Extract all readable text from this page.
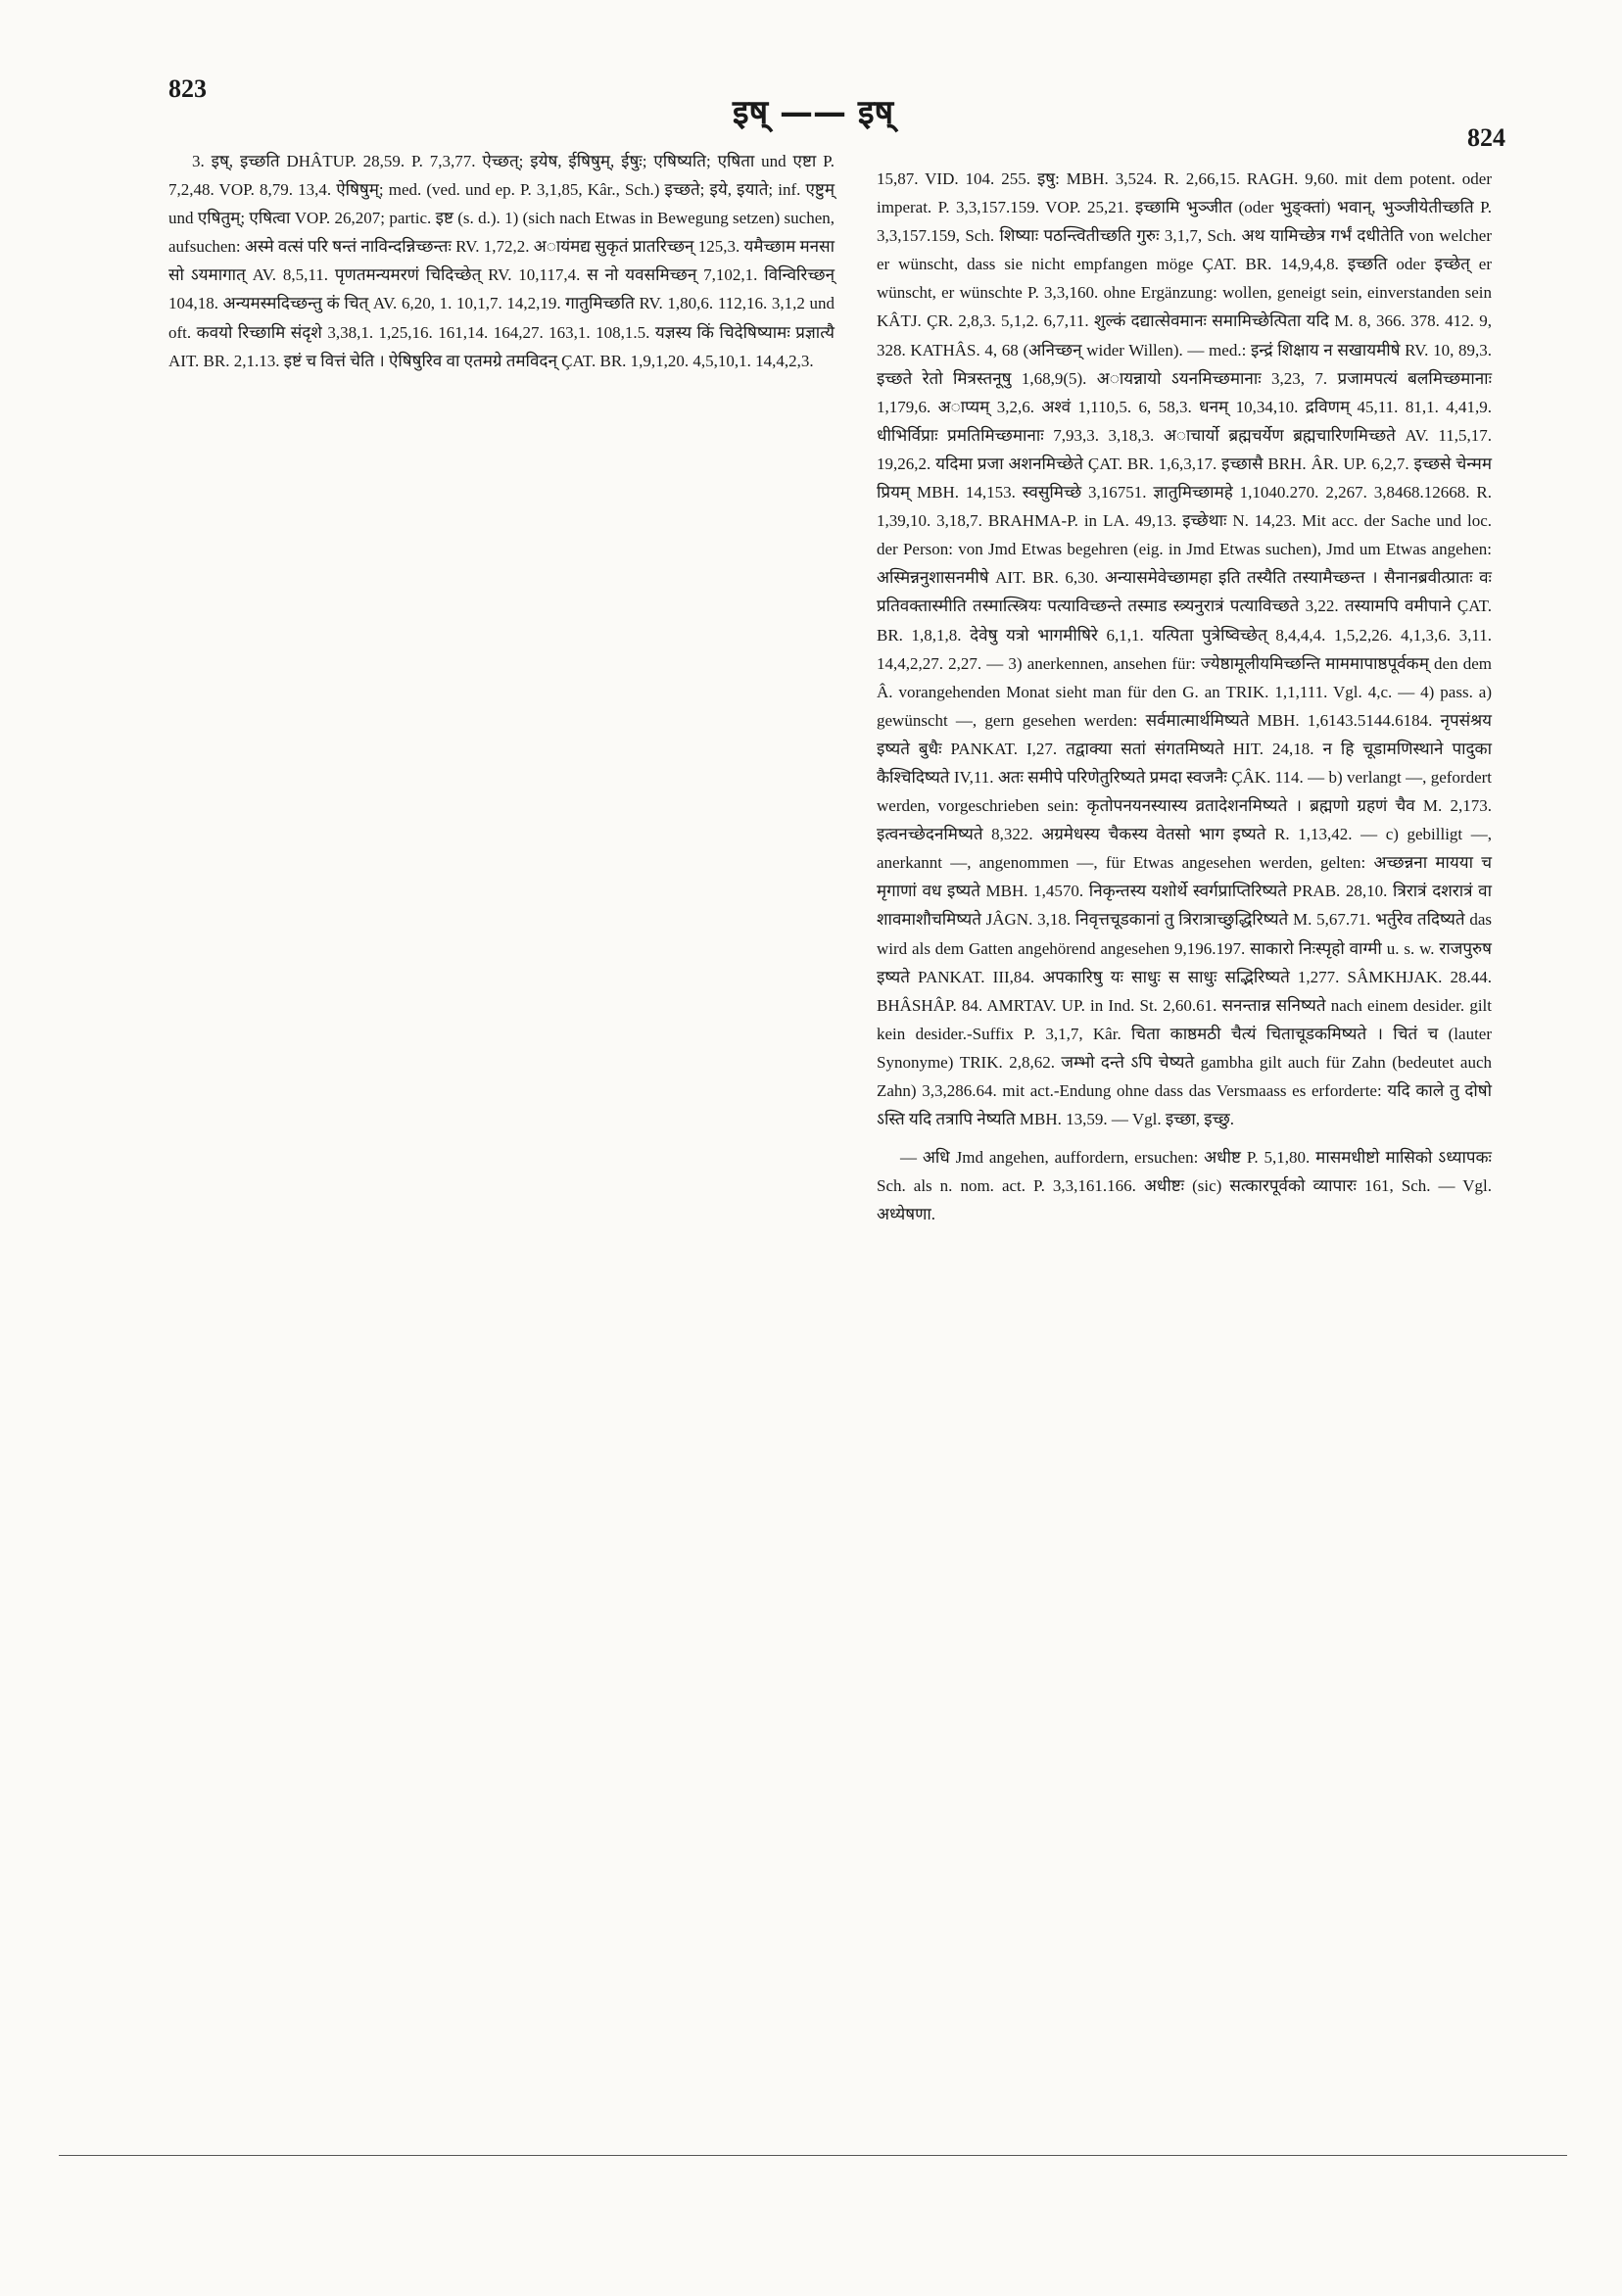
823
इष् —— इष्
824

3. इष्, इच्छति DHÂTUP. 28,59. P. 7,3,77. ऐच्छत्; इयेष, ईषिषुम्, ईषुः; एषिष्यति; एषिता und एष्टा P. 7,2,48. VOP. 8,79. 13,4. ऐषिषुम्; med. (ved. und ep. P. 3,1,85, Kâr., Sch.) इच्छते; इये, इयाते; inf. एष्टुम् und एषितुम्; एषित्वा VOP. 26,207; partic. इष्ट (s. d.). 1) (sich nach Etwas in Bewegung setzen) suchen, aufsuchen: अस्मे वत्सं परि षन्तं नाविन्दन्निच्छन्तः RV. 1,72,2. अायंमद्य सुकृतं प्रातरिच्छन् 125,3. यमैच्छाम मनसा सो ऽयमागात् AV. 8,5,11. पृणतमन्यमरणं चिदिच्छेत् RV. 10,117,4. स नो यवसमिच्छन् 7,102,1. विन्विरिच्छन् 104,18. अन्यमस्मदिच्छन्तु कं चित् AV. 6,20, 1. 10,1,7. 14,2,19. गातुमिच्छति RV. 1,80,6. 112,16. 3,1,2 und oft. कवयो रिच्छामि संदृशे 3,38,1. 1,25,16. 161,14. 164,27. 163,1. 108,1.5. यज्ञस्य किं चिदेषिष्यामः प्रज्ञात्यै AIT. BR. 2,1.13. इष्टं च वित्तं चेति । ऐषिषुरिव वा एतमग्रे तमविदन् ÇAT. BR. 1,9,1,20. 4,5,10,1. 14,4,2,3.

15,87. VID. 104. 255. इषु: MBH. 3,524. R. 2,66,15. RAGH. 9,60. mit dem potent. oder imperat. P. 3,3,157.159. VOP. 25,21. इच्छामि भुञ्जीत (oder भुङ्क्तां) भवान्, भुञ्जीयेतीच्छति P. 3,3,157.159, Sch. शिष्याः पठन्त्वितीच्छति गुरुः 3,1,7, Sch. अथ यामिच्छेत्र गर्भं दधीतेति von welcher er wünscht, dass sie nicht empfangen möge ÇAT. BR. 14,9,4,8. इच्छति oder इच्छेत् er wünscht, er wünschte P. 3,3,160. ohne Ergänzung: wollen, geneigt sein, einverstanden sein KÂTJ. ÇR. 2,8,3. 5,1,2. 6,7,11. शुल्कं दद्यात्सेवमानः समामिच्छेत्पिता यदि M. 8, 366. 378. 412. 9, 328. KATHÂS. 4, 68 (अनिच्छन् wider Willen). — med.: इन्द्रं शिक्षाय न सखायमीषे RV. 10, 89,3. इच्छते रेतो मित्रस्तनूषु 1,68,9(5). अायन्नायो ऽयनमिच्छमानाः 3,23, 7. प्रजामपत्यं बलमिच्छमानाः 1,179,6. अाप्यम् 3,2,6. अश्वं 1,110,5. 6, 58,3. धनम् 10,34,10. द्रविणम् 45,11. 81,1. 4,41,9. धीभिर्विप्राः प्रमतिमिच्छमानाः 7,93,3. 3,18,3. अाचार्यो ब्रह्मचर्येण ब्रह्मचारिणमिच्छते AV. 11,5,17. 19,26,2. यदिमा प्रजा अशनमिच्छेते ÇAT. BR. 1,6,3,17. इच्छासै BRH. ÂR. UP. 6,2,7. इच्छसे चेन्मम प्रियम् MBH. 14,153. स्वसुमिच्छे 3,16751. ज्ञातुमिच्छामहे 1,1040.270. 2,267. 3,8468.12668. R. 1,39,10. 3,18,7. BRAHMA-P. in LA. 49,13. इच्छेथाः N. 14,23. Mit acc. der Sache und loc. der Person: von Jmd Etwas begehren (eig. in Jmd Etwas suchen), Jmd um Etwas angehen: अस्मिन्ननुशासनमीषे AIT. BR. 6,30. अन्यासमेवेच्छामहा इति तस्यैति तस्यामैच्छन्त । सैनानब्रवीत्प्रातः वः प्रतिवक्तास्मीति तस्मात्स्त्रियः पत्याविच्छन्ते तस्माड स्त्र्यनुरात्रं पत्याविच्छते 3,22. तस्यामपि वमीपाने ÇAT. BR. 1,8,1,8. देवेषु यत्रो भागमीषिरे 6,1,1. यत्पिता पुत्रेष्विच्छेत् 8,4,4,4. 1,5,2,26. 4,1,3,6. 3,11. 14,4,2,27. 2,27. — 3) anerkennen, ansehen für: ज्येष्ठामूलीयमिच्छन्ति माममापाष्ठपूर्वकम् den dem Â. vorangehenden Monat sieht man für den G. an TRIK. 1,1,111. Vgl. 4,c. — 4) pass. a) gewünscht —, gern gesehen werden: सर्वमात्मार्थमिष्यते MBH. 1,6143.5144.6184. नृपसंश्रय इष्यते बुधैः PANKAT. I,27. तद्वाक्या सतां संगतमिष्यते HIT. 24,18. न हि चूडामणिस्थाने पादुका कैश्चिदिष्यते IV,11. अतः समीपे परिणेतुरिष्यते प्रमदा स्वजनैः ÇÂK. 114. — b) verlangt —, gefordert werden, vorgeschrieben sein: कृतोपनयनस्यास्य व्रतादेशनमिष्यते । ब्रह्मणो ग्रहणं चैव M. 2,173. इत्वनच्छेदनमिष्यते 8,322. अग्रमेधस्य चैकस्य वेतसो भाग इष्यते R. 1,13,42. — c) gebilligt —, anerkannt —, angenommen —, für Etwas angesehen werden, gelten: अच्छन्नना मायया च मृगाणां वध इष्यते MBH. 1,4570. निकृन्तस्य यशोर्थे स्वर्गप्राप्तिरिष्यते PRAB. 28,10. त्रिरात्रं दशरात्रं वा शावमाशौचमिष्यते JÂGN. 3,18. निवृत्तचूडकानां तु त्रिरात्राच्छुद्धिरिष्यते M. 5,67.71. भर्तुरेव तदिष्यते das wird als dem Gatten angehörend angesehen 9,196.197. साकारो निःस्पृहो वाग्मी u. s. w. राजपुरुष इष्यते PANKAT. III,84. अपकारिषु यः साधुः स साधुः सद्भिरिष्यते 1,277. SÂMKHJAK. 28.44. BHÂSHÂP. 84. AMRTAV. UP. in Ind. St. 2,60.61. सनन्तान्न सनिष्यते nach einem desider. gilt kein desider.-Suffix P. 3,1,7, Kâr. चिता काष्ठमठी चैत्यं चिताचूडकमिष्यते । चितं च (lauter Synonyme) TRIK. 2,8,62. जम्भो दन्ते ऽपि चेष्यते gambha gilt auch für Zahn (bedeutet auch Zahn) 3,3,286.64. mit act.-Endung ohne dass das Versmaass es erforderte: यदि काले तु दोषो ऽस्ति यदि तत्रापि नेष्यति MBH. 13,59. — Vgl. इच्छा, इच्छु.

— अधि Jmd angehen, auffordern, ersuchen: अधीष्ट P. 5,1,80. मासमधीष्टो मासिको ऽध्यापकः Sch. als n. nom. act. P. 3,3,161.166. अधीष्टः (sic) सत्कारपूर्वको व्यापारः 161, Sch. — Vgl. अध्येषणा.
